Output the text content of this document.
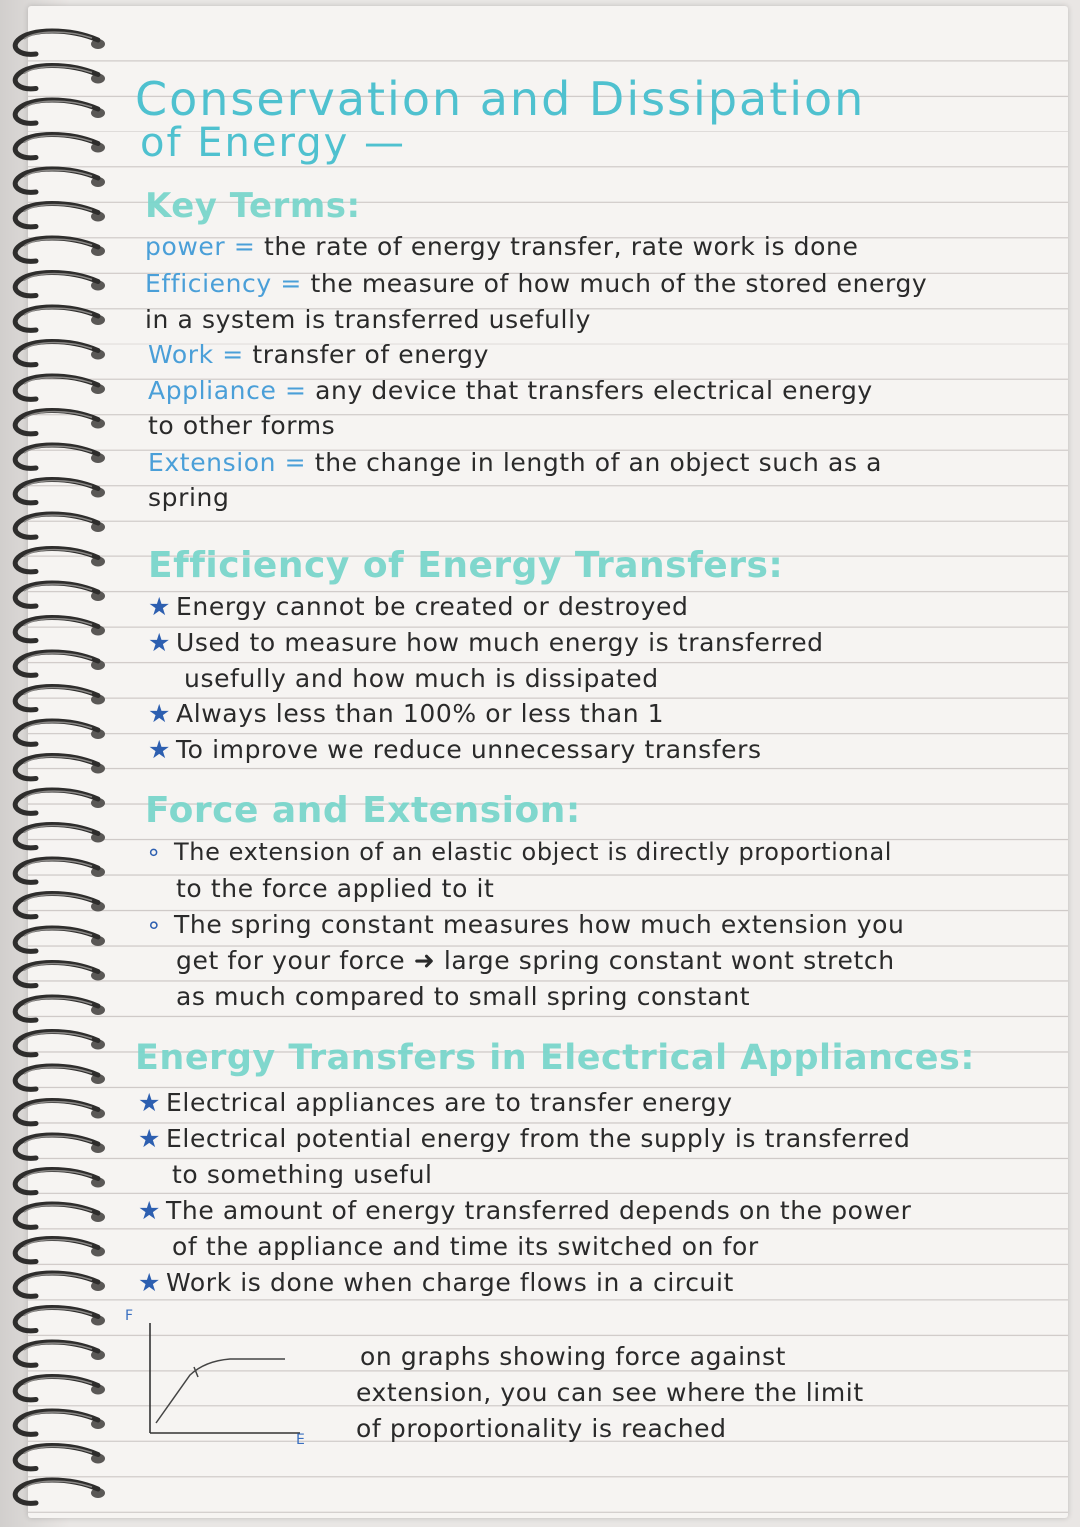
Conservation and Dissipation
of Energy —
Key Terms:
power = the rate of energy transfer, rate work is done
Efficiency = the measure of how much of the stored energy
in a system is transferred usefully
Work = transfer of energy
Appliance = any device that transfers electrical energy
to other forms
Extension = the change in length of an object such as a
spring
Efficiency of Energy Transfers:
★ Energy cannot be created or destroyed
★ Used to measure how much energy is transferred
usefully and how much is dissipated
★ Always less than 100% or less than 1
★ To improve we reduce unnecessary transfers
Force and Extension:
∘ The extension of an elastic object is directly proportional
to the force applied to it
∘ The spring constant measures how much extension you
get for your force ➜ large spring constant wont stretch
as much compared to small spring constant
Energy Transfers in Electrical Appliances:
★ Electrical appliances are to transfer energy
★ Electrical potential energy from the supply is transferred
to something useful
★ The amount of energy transferred depends on the power
of the appliance and time its switched on for
★ Work is done when charge flows in a circuit
F
E
on graphs showing force against
extension, you can see where the limit
of proportionality is reached
